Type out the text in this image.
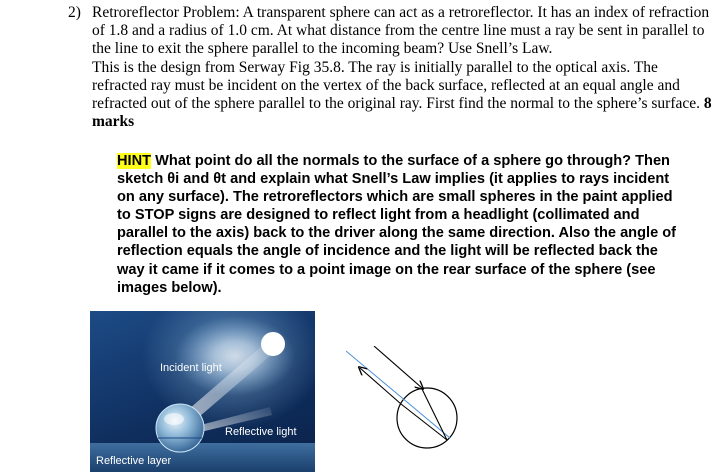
2) Retroreflector Problem: A transparent sphere can act as a retroreflector. It has an index of refraction of 1.8 and a radius of 1.0 cm. At what distance from the centre line must a ray be sent in parallel to the line to exit the sphere parallel to the incoming beam? Use Snell’s Law.

This is the design from Serway Fig 35.8. The ray is initially parallel to the optical axis. The refracted ray must be incident on the vertex of the back surface, reflected at an equal angle and refracted out of the sphere parallel to the original ray. First find the normal to the sphere’s surface. 8 marks

HINT What point do all the normals to the surface of a sphere go through? Then sketch θi and θt and explain what Snell’s Law implies (it applies to rays incident on any surface). The retroreflectors which are small spheres in the paint applied to STOP signs are designed to reflect light from a headlight (collimated and parallel to the axis) back to the driver along the same direction. Also the angle of reflection equals the angle of incidence and the light will be reflected back the way it came if it comes to a point image on the rear surface of the sphere (see images below).
Incident light
Reflective light
Reflective layer
